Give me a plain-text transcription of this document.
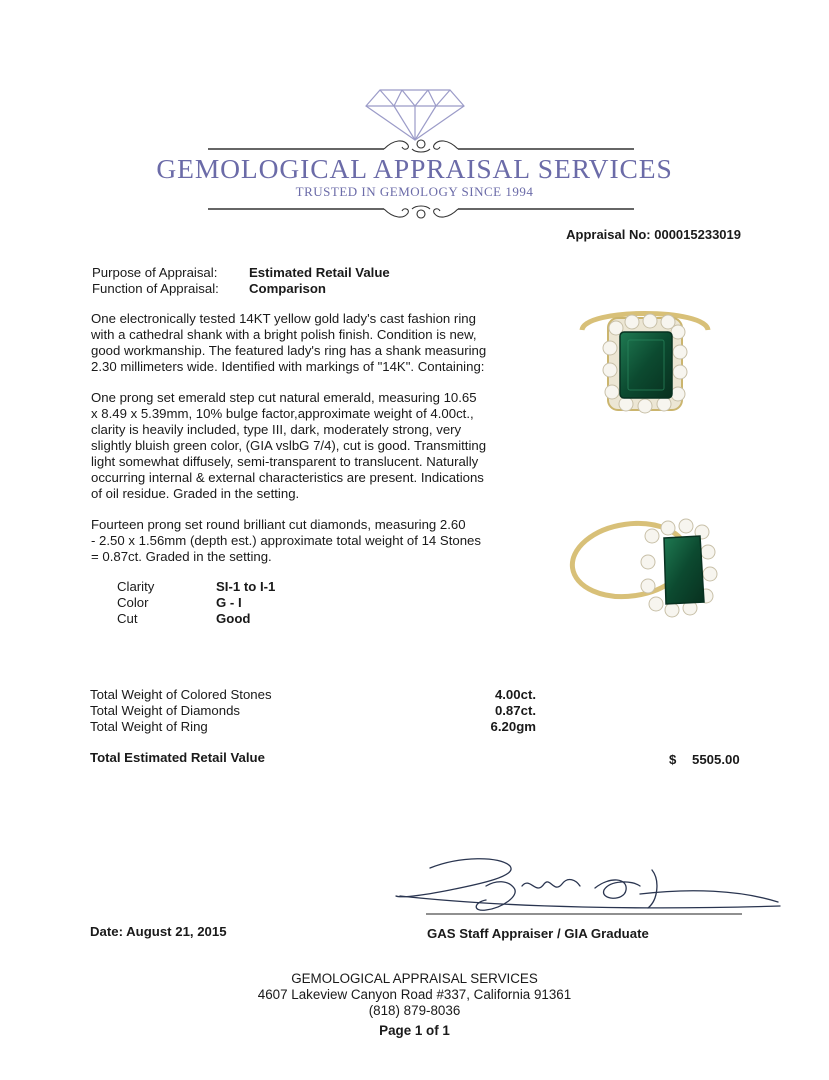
GEMOLOGICAL APPRAISAL SERVICES
TRUSTED IN GEMOLOGY SINCE 1994
Appraisal No: 000015233019
Purpose of Appraisal:	Estimated Retail Value
Function of Appraisal:	Comparison
One electronically tested 14KT yellow gold lady's cast fashion ring
with a cathedral shank with a bright polish finish. Condition is new,
good workmanship. The featured lady's ring has a shank measuring
2.30 millimeters wide. Identified with markings of "14K". Containing:
One prong set emerald step cut natural emerald, measuring 10.65
x 8.49 x 5.39mm, 10% bulge factor,approximate weight of 4.00ct.,
clarity is heavily included, type III, dark, moderately strong, very
slightly bluish green color, (GIA vslbG 7/4), cut is good. Transmitting
light somewhat diffusely, semi-transparent to translucent. Naturally
occurring internal & external characteristics are present. Indications
of oil residue. Graded in the setting.
Fourteen prong set round brilliant cut diamonds, measuring 2.60
- 2.50 x 1.56mm (depth est.) approximate total weight of 14 Stones
= 0.87ct. Graded in the setting.
Clarity	SI-1 to I-1
Color	G - I
Cut	Good
Total Weight of Colored Stones	4.00ct.
Total Weight of Diamonds	0.87ct.
Total Weight of Ring	6.20gm
Total Estimated Retail Value	$ 5505.00
Date: August 21, 2015	GAS Staff Appraiser / GIA Graduate
GEMOLOGICAL APPRAISAL SERVICES
4607 Lakeview Canyon Road #337, California 91361
(818) 879-8036
Page 1 of 1
